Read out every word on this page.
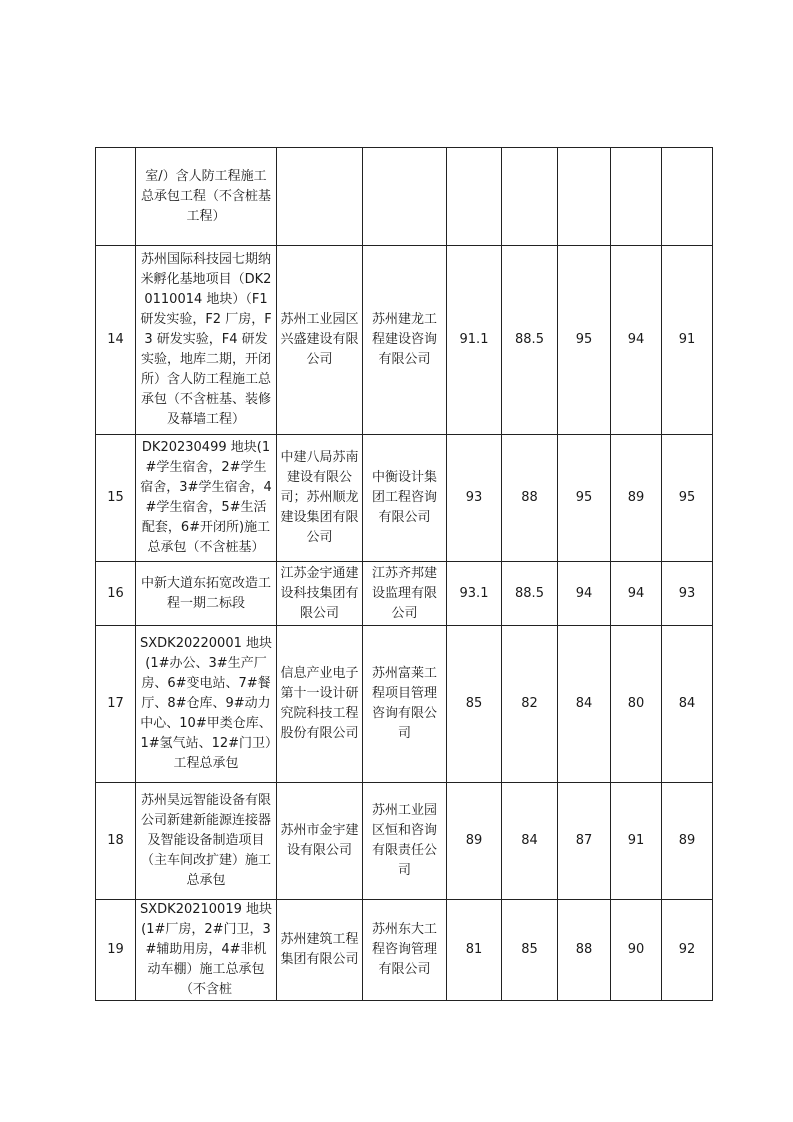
	室/）含人防工程施工总承包工程（不含桩基工程）							
14	苏州国际科技园七期纳米孵化基地项目（DK20110014 地块）（F1 研发实验，F2 厂房，F3 研发实验，F4 研发实验，地库二期，开闭所）含人防工程施工总承包（不含桩基、装修及幕墙工程）	苏州工业园区兴盛建设有限公司	苏州建龙工程建设咨询有限公司	91.1	88.5	95	94	91
15	DK20230499 地块(1#学生宿舍，2#学生宿舍，3#学生宿舍，4#学生宿舍，5#生活配套，6#开闭所)施工总承包（不含桩基）	中建八局苏南建设有限公司；苏州顺龙建设集团有限公司	中衡设计集团工程咨询有限公司	93	88	95	89	95
16	中新大道东拓宽改造工程一期二标段	江苏金宇通建设科技集团有限公司	江苏齐邦建设监理有限公司	93.1	88.5	94	94	93
17	SXDK20220001 地块(1#办公、3#生产厂房、6#变电站、7#餐厅、8#仓库、9#动力中心、10#甲类仓库、1#氢气站、12#门卫）工程总承包	信息产业电子第十一设计研究院科技工程股份有限公司	苏州富莱工程项目管理咨询有限公司	85	82	84	80	84
18	苏州昊远智能设备有限公司新建新能源连接器及智能设备制造项目（主车间改扩建）施工总承包	苏州市金宇建设有限公司	苏州工业园区恒和咨询有限责任公司	89	84	87	91	89
19	SXDK20210019 地块(1#厂房，2#门卫，3#辅助用房，4#非机动车棚）施工总承包（不含桩	苏州建筑工程集团有限公司	苏州东大工程咨询管理有限公司	81	85	88	90	92
